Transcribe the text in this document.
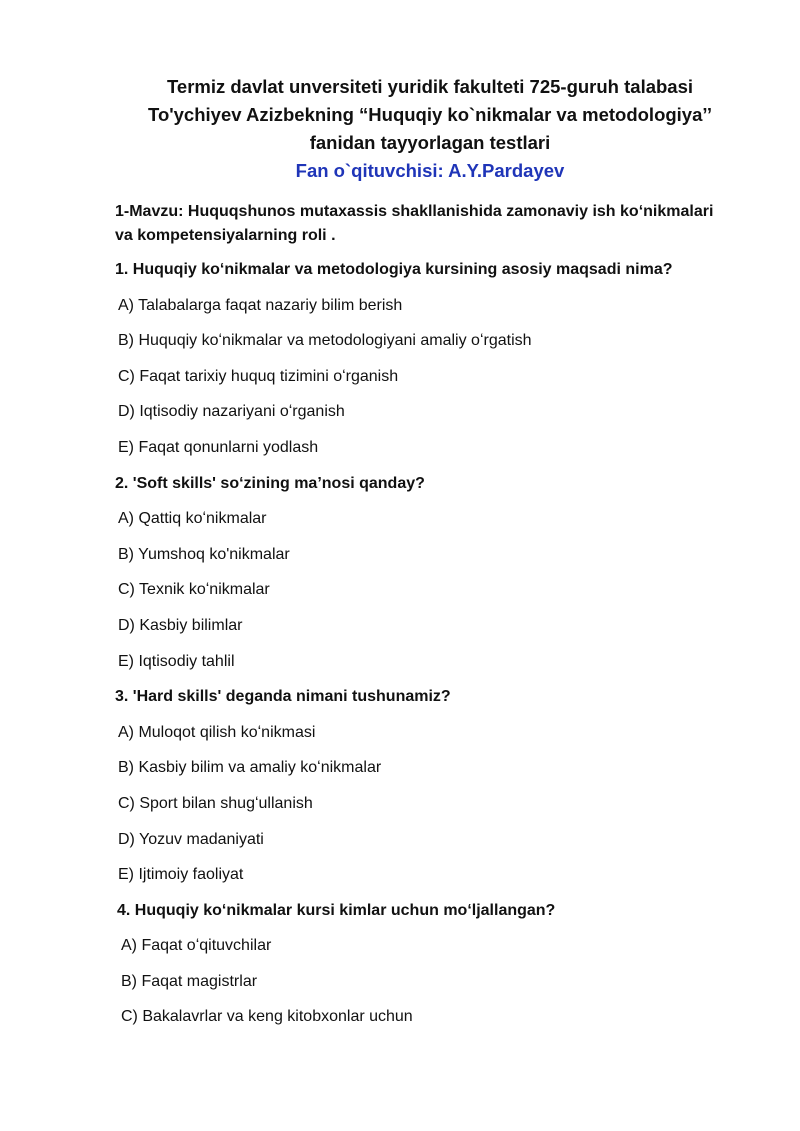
Termiz davlat unversiteti yuridik fakulteti 725-guruh talabasi
To'ychiyev Azizbekning “Huquqiy ko`nikmalar va metodologiya’’
fanidan tayyorlagan testlari
Fan o`qituvchisi: A.Y.Pardayev
1-Mavzu: Huquqshunos mutaxassis shakllanishida zamonaviy ish koʻnikmalari
va kompetensiyalarning roli .
1. Huquqiy koʻnikmalar va metodologiya kursining asosiy maqsadi nima?
A) Talabalarga faqat nazariy bilim berish
B) Huquqiy koʻnikmalar va metodologiyani amaliy oʻrgatish
C) Faqat tarixiy huquq tizimini oʻrganish
D) Iqtisodiy nazariyani oʻrganish
E) Faqat qonunlarni yodlash
2. 'Soft skills' soʻzining ma’nosi qanday?
A) Qattiq koʻnikmalar
B) Yumshoq ko'nikmalar
C) Texnik koʻnikmalar
D) Kasbiy bilimlar
E) Iqtisodiy tahlil
3. 'Hard skills' deganda nimani tushunamiz?
A) Muloqot qilish koʻnikmasi
B) Kasbiy bilim va amaliy koʻnikmalar
C) Sport bilan shugʻullanish
D) Yozuv madaniyati
E) Ijtimoiy faoliyat
4. Huquqiy koʻnikmalar kursi kimlar uchun moʻljallangan?
A) Faqat oʻqituvchilar
B) Faqat magistrlar
C) Bakalavrlar va keng kitobxonlar uchun
